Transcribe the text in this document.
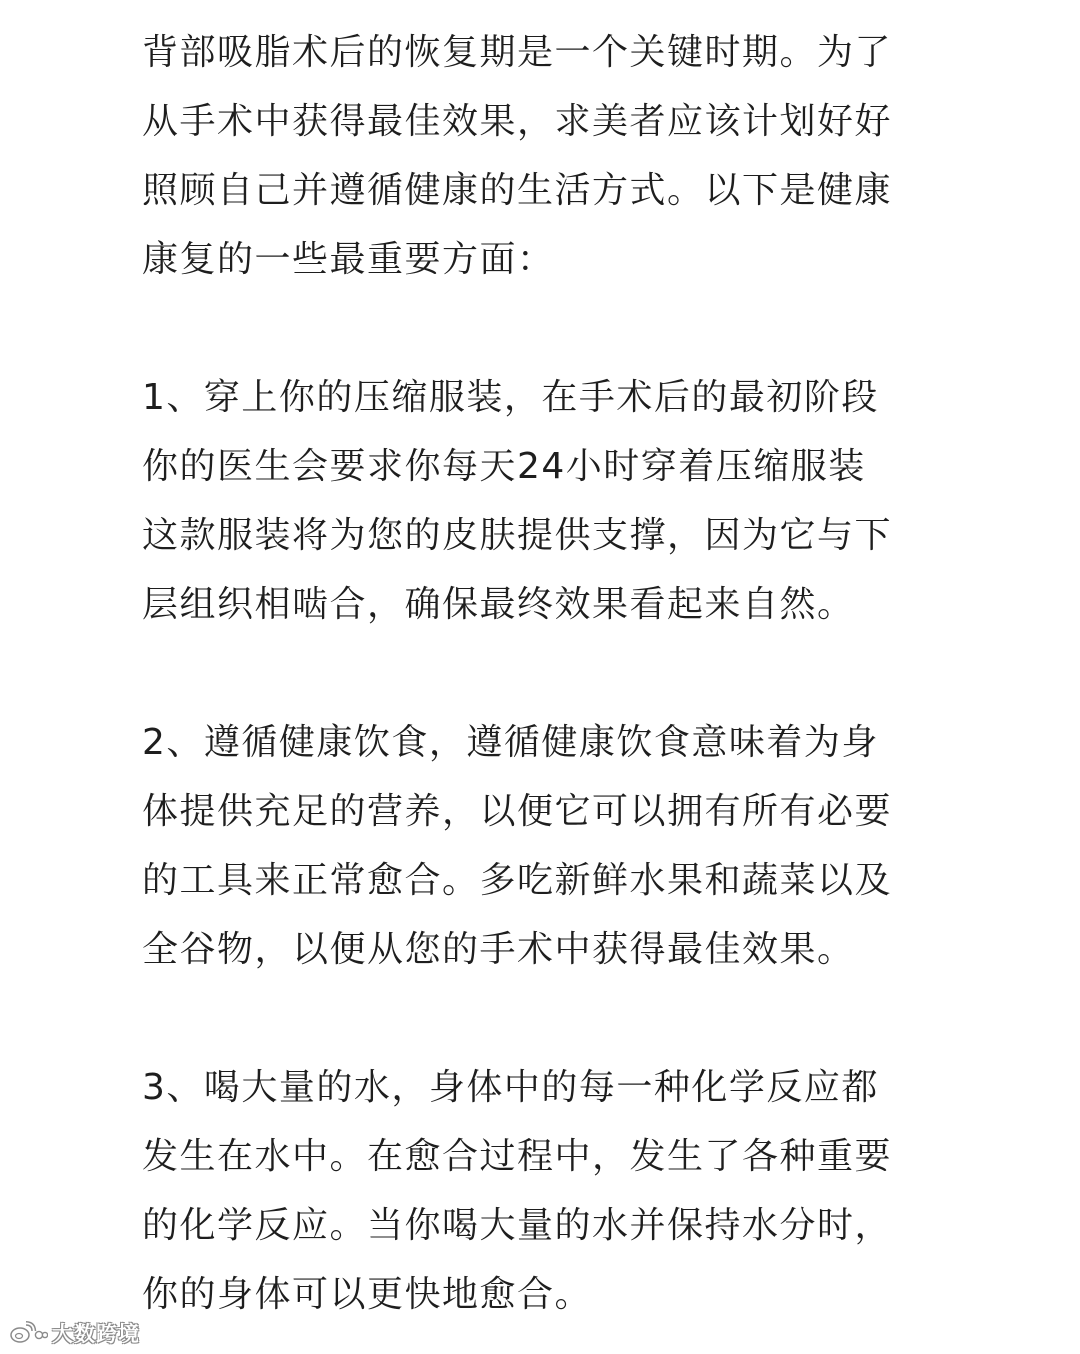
背部吸脂术后的恢复期是一个关键时期。为了
从手术中获得最佳效果，求美者应该计划好好
照顾自己并遵循健康的生活方式。以下是健康
康复的一些最重要方面：

1、穿上你的压缩服装，在手术后的最初阶段
你的医生会要求你每天24小时穿着压缩服装
这款服装将为您的皮肤提供支撑，因为它与下
层组织相啮合，确保最终效果看起来自然。

2、遵循健康饮食，遵循健康饮食意味着为身
体提供充足的营养，以便它可以拥有所有必要
的工具来正常愈合。多吃新鲜水果和蔬菜以及
全谷物，以便从您的手术中获得最佳效果。

3、喝大量的水，身体中的每一种化学反应都
发生在水中。在愈合过程中，发生了各种重要
的化学反应。当你喝大量的水并保持水分时，
你的身体可以更快地愈合。

大数跨境
